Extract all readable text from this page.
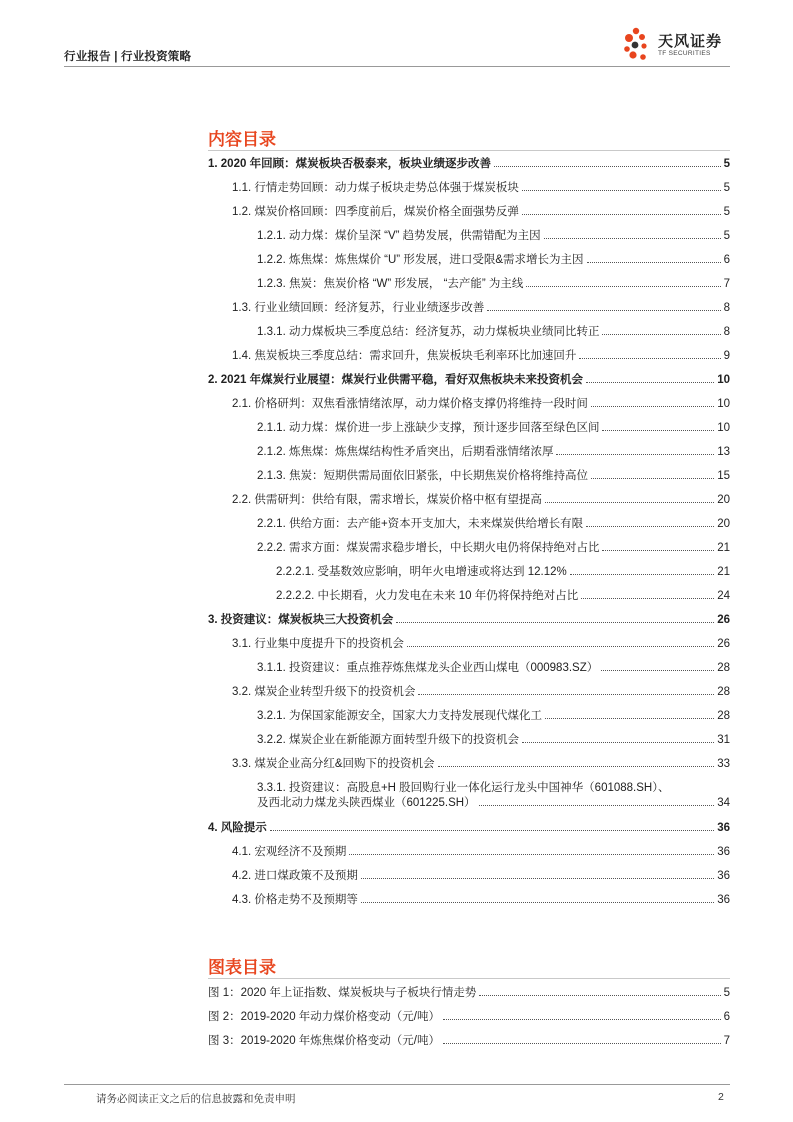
行业报告 | 行业投资策略
天风证券
TF SECURITIES
内容目录
1. 2020 年回顾：煤炭板块否极泰来，板块业绩逐步改善	5
1.1. 行情走势回顾：动力煤子板块走势总体强于煤炭板块	5
1.2. 煤炭价格回顾：四季度前后，煤炭价格全面强势反弹	5
1.2.1. 动力煤：煤价呈深 “V” 趋势发展，供需错配为主因	5
1.2.2. 炼焦煤：炼焦煤价 “U” 形发展，进口受限&需求增长为主因	6
1.2.3. 焦炭：焦炭价格 “W” 形发展， “去产能” 为主线	7
1.3. 行业业绩回顾：经济复苏，行业业绩逐步改善	8
1.3.1. 动力煤板块三季度总结：经济复苏，动力煤板块业绩同比转正	8
1.4. 焦炭板块三季度总结：需求回升，焦炭板块毛利率环比加速回升	9
2. 2021 年煤炭行业展望：煤炭行业供需平稳，看好双焦板块未来投资机会	10
2.1. 价格研判：双焦看涨情绪浓厚，动力煤价格支撑仍将维持一段时间	10
2.1.1. 动力煤：煤价进一步上涨缺少支撑，预计逐步回落至绿色区间	10
2.1.2. 炼焦煤：炼焦煤结构性矛盾突出，后期看涨情绪浓厚	13
2.1.3. 焦炭：短期供需局面依旧紧张，中长期焦炭价格将维持高位	15
2.2. 供需研判：供给有限，需求增长，煤炭价格中枢有望提高	20
2.2.1. 供给方面：去产能+资本开支加大，未来煤炭供给增长有限	20
2.2.2. 需求方面：煤炭需求稳步增长，中长期火电仍将保持绝对占比	21
2.2.2.1. 受基数效应影响，明年火电增速或将达到 12.12%	21
2.2.2.2. 中长期看，火力发电在未来 10 年仍将保持绝对占比	24
3. 投资建议：煤炭板块三大投资机会	26
3.1. 行业集中度提升下的投资机会	26
3.1.1. 投资建议：重点推荐炼焦煤龙头企业西山煤电（000983.SZ）	28
3.2. 煤炭企业转型升级下的投资机会	28
3.2.1. 为保国家能源安全，国家大力支持发展现代煤化工	28
3.2.2. 煤炭企业在新能源方面转型升级下的投资机会	31
3.3. 煤炭企业高分红&回购下的投资机会	33
3.3.1. 投资建议：高股息+H 股回购行业一体化运行龙头中国神华（601088.SH）、
及西北动力煤龙头陕西煤业（601225.SH）	34
4. 风险提示	36
4.1. 宏观经济不及预期	36
4.2. 进口煤政策不及预期	36
4.3. 价格走势不及预期等	36
图表目录
图 1：2020 年上证指数、煤炭板块与子板块行情走势	5
图 2：2019-2020 年动力煤价格变动（元/吨）	6
图 3：2019-2020 年炼焦煤价格变动（元/吨）	7
请务必阅读正文之后的信息披露和免责申明	2
